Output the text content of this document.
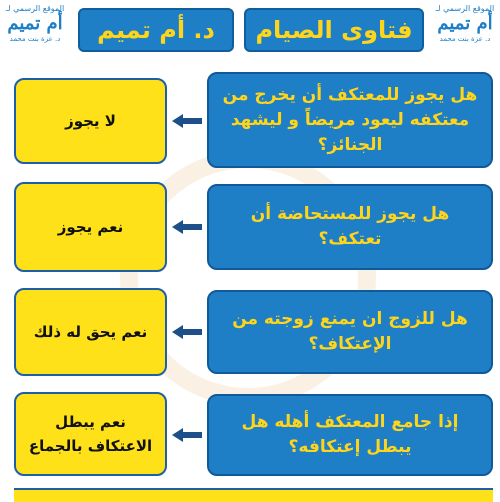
الموقع الرسمي لـ
أم تميم
د. عزة بنت محمد
فتاوى الصيام
د. أم تميم
الموقع الرسمي لـ
أم تميم
د. عزة بنت محمد
هل يجوز للمعتكف أن يخرج من معتكفه ليعود مريضاً و ليشهد الجنائز؟
لا يجوز
هل يجوز للمستحاضة أن تعتكف؟
نعم يجوز
هل للزوج ان يمنع زوجته من الإعتكاف؟
نعم يحق له ذلك
إذا جامع المعتكف أهله هل يبطل إعتكافه؟
نعم يبطل الاعتكاف بالجماع
